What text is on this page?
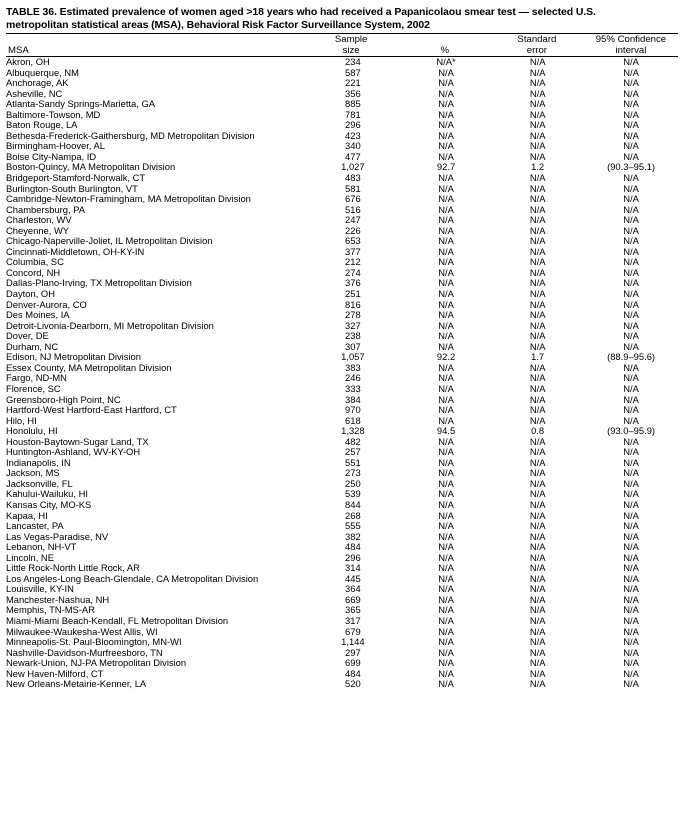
TABLE 36. Estimated prevalence of women aged >18 years who had received a Papanicolaou smear test — selected U.S.
metropolitan statistical areas (MSA), Behavioral Risk Factor Surveillance System, 2002
	Sample		Standard	95% Confidence
MSA	size	%	error	interval
Akron, OH	234	N/A*	N/A	N/A
Albuquerque, NM	587	N/A	N/A	N/A
Anchorage, AK	221	N/A	N/A	N/A
Asheville, NC	356	N/A	N/A	N/A
Atlanta-Sandy Springs-Marietta, GA	885	N/A	N/A	N/A
Baltimore-Towson, MD	781	N/A	N/A	N/A
Baton Rouge, LA	296	N/A	N/A	N/A
Bethesda-Frederick-Gaithersburg, MD Metropolitan Division	423	N/A	N/A	N/A
Birmingham-Hoover, AL	340	N/A	N/A	N/A
Boise City-Nampa, ID	477	N/A	N/A	N/A
Boston-Quincy, MA Metropolitan Division	1,027	92.7	1.2	(90.3–95.1)
Bridgeport-Stamford-Norwalk, CT	483	N/A	N/A	N/A
Burlington-South Burlington, VT	581	N/A	N/A	N/A
Cambridge-Newton-Framingham, MA Metropolitan Division	676	N/A	N/A	N/A
Chambersburg, PA	516	N/A	N/A	N/A
Charleston, WV	247	N/A	N/A	N/A
Cheyenne, WY	226	N/A	N/A	N/A
Chicago-Naperville-Joliet, IL Metropolitan Division	653	N/A	N/A	N/A
Cincinnati-Middletown, OH-KY-IN	377	N/A	N/A	N/A
Columbia, SC	212	N/A	N/A	N/A
Concord, NH	274	N/A	N/A	N/A
Dallas-Plano-Irving, TX Metropolitan Division	376	N/A	N/A	N/A
Dayton, OH	251	N/A	N/A	N/A
Denver-Aurora, CO	816	N/A	N/A	N/A
Des Moines, IA	278	N/A	N/A	N/A
Detroit-Livonia-Dearborn, MI Metropolitan Division	327	N/A	N/A	N/A
Dover, DE	238	N/A	N/A	N/A
Durham, NC	307	N/A	N/A	N/A
Edison, NJ Metropolitan Division	1,057	92.2	1.7	(88.9–95.6)
Essex County, MA Metropolitan Division	383	N/A	N/A	N/A
Fargo, ND-MN	246	N/A	N/A	N/A
Florence, SC	333	N/A	N/A	N/A
Greensboro-High Point, NC	384	N/A	N/A	N/A
Hartford-West Hartford-East Hartford, CT	970	N/A	N/A	N/A
Hilo, HI	618	N/A	N/A	N/A
Honolulu, HI	1,328	94.5	0.8	(93.0–95.9)
Houston-Baytown-Sugar Land, TX	482	N/A	N/A	N/A
Huntington-Ashland, WV-KY-OH	257	N/A	N/A	N/A
Indianapolis, IN	551	N/A	N/A	N/A
Jackson, MS	273	N/A	N/A	N/A
Jacksonville, FL	250	N/A	N/A	N/A
Kahului-Wailuku, HI	539	N/A	N/A	N/A
Kansas City, MO-KS	844	N/A	N/A	N/A
Kapaa, HI	268	N/A	N/A	N/A
Lancaster, PA	555	N/A	N/A	N/A
Las Vegas-Paradise, NV	382	N/A	N/A	N/A
Lebanon, NH-VT	484	N/A	N/A	N/A
Lincoln, NE	296	N/A	N/A	N/A
Little Rock-North Little Rock, AR	314	N/A	N/A	N/A
Los Angeles-Long Beach-Glendale, CA Metropolitan Division	445	N/A	N/A	N/A
Louisville, KY-IN	364	N/A	N/A	N/A
Manchester-Nashua, NH	669	N/A	N/A	N/A
Memphis, TN-MS-AR	365	N/A	N/A	N/A
Miami-Miami Beach-Kendall, FL Metropolitan Division	317	N/A	N/A	N/A
Milwaukee-Waukesha-West Allis, WI	679	N/A	N/A	N/A
Minneapolis-St. Paul-Bloomington, MN-WI	1,144	N/A	N/A	N/A
Nashville-Davidson-Murfreesboro, TN	297	N/A	N/A	N/A
Newark-Union, NJ-PA Metropolitan Division	699	N/A	N/A	N/A
New Haven-Milford, CT	484	N/A	N/A	N/A
New Orleans-Metairie-Kenner, LA	520	N/A	N/A	N/A
